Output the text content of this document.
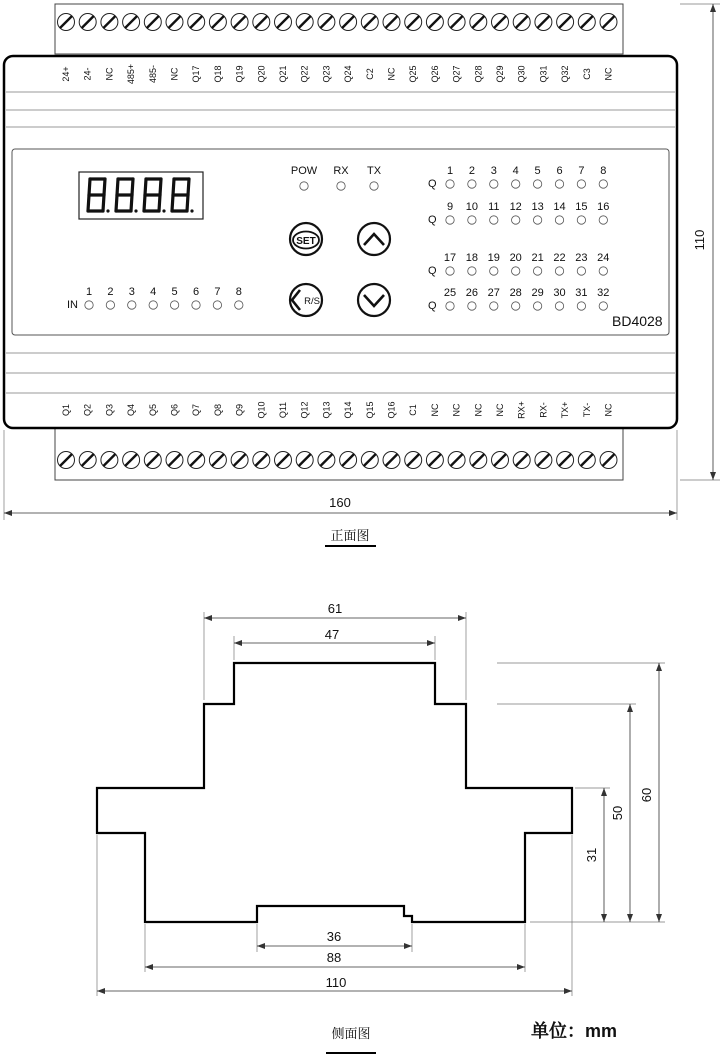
24+ 24- NC 485+ 485- NC Q17 Q18 Q19 Q20 Q21 Q22 Q23 Q24 C2 NC Q25 Q26 Q27 Q28 Q29 Q30 Q31 Q32 C3 NC
Q1 Q2 Q3 Q4 Q5 Q6 Q7 Q8 Q9 Q10 Q11 Q12 Q13 Q14 Q15 Q16 C1 NC NC NC NC RX+ RX- TX+ TX- NC
POW RX TX
SET
R/S
IN
1 2 3 4 5 6 7 8
Q
1 2 3 4 5 6 7 8
Q
9 10 11 12 13 14 15 16
Q
17 18 19 20 21 22 23 24
Q
25 26 27 28 29 30 31 32
BD4028
160
110
正面图
61
47
36
88
110
31
50
60
侧面图	单位：mm
